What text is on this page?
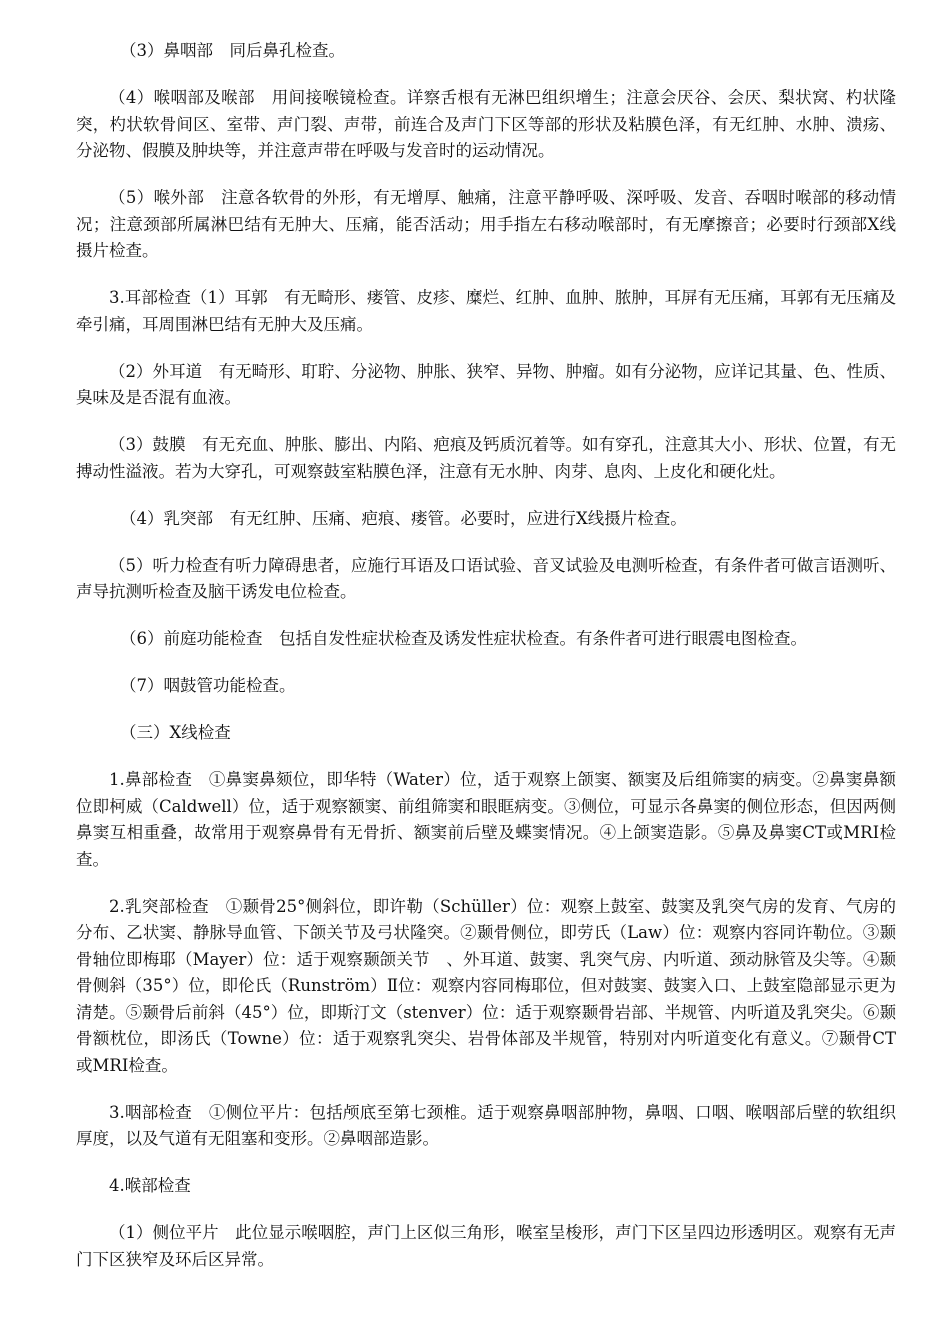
（3）鼻咽部　同后鼻孔检查。

（4）喉咽部及喉部　用间接喉镜检查。详察舌根有无淋巴组织增生；注意会厌谷、会厌、梨状窝、杓状隆突，杓状软骨间区、室带、声门裂、声带，前连合及声门下区等部的形状及粘膜色泽，有无红肿、水肿、溃疡、分泌物、假膜及肿块等，并注意声带在呼吸与发音时的运动情况。

（5）喉外部　注意各软骨的外形，有无增厚、触痛，注意平静呼吸、深呼吸、发音、吞咽时喉部的移动情况；注意颈部所属淋巴结有无肿大、压痛，能否活动；用手指左右移动喉部时，有无摩擦音；必要时行颈部X线摄片检查。

3.耳部检查（1）耳郭　有无畸形、瘘管、皮疹、糜烂、红肿、血肿、脓肿，耳屏有无压痛，耳郭有无压痛及牵引痛，耳周围淋巴结有无肿大及压痛。

（2）外耳道　有无畸形、耵聍、分泌物、肿胀、狭窄、异物、肿瘤。如有分泌物，应详记其量、色、性质、臭味及是否混有血液。

（3）鼓膜　有无充血、肿胀、膨出、内陷、疤痕及钙质沉着等。如有穿孔，注意其大小、形状、位置，有无搏动性溢液。若为大穿孔，可观察鼓室粘膜色泽，注意有无水肿、肉芽、息肉、上皮化和硬化灶。

（4）乳突部　有无红肿、压痛、疤痕、瘘管。必要时，应进行X线摄片检查。

（5）听力检查有听力障碍患者，应施行耳语及口语试验、音叉试验及电测听检查，有条件者可做言语测听、声导抗测听检查及脑干诱发电位检查。

（6）前庭功能检查　包括自发性症状检查及诱发性症状检查。有条件者可进行眼震电图检查。

（7）咽鼓管功能检查。

（三）X线检查

1.鼻部检查　①鼻窦鼻颏位，即华特（Water）位，适于观察上颌窦、额窦及后组筛窦的病变。②鼻窦鼻额位即柯威（Caldwell）位，适于观察额窦、前组筛窦和眼眶病变。③侧位，可显示各鼻窦的侧位形态，但因两侧鼻窦互相重叠，故常用于观察鼻骨有无骨折、额窦前后壁及蝶窦情况。④上颌窦造影。⑤鼻及鼻窦CT或MRI检查。

2.乳突部检查　①颞骨25°侧斜位，即许勒（Schüller）位：观察上鼓室、鼓窦及乳突气房的发育、气房的分布、乙状窦、静脉导血管、下颌关节及弓状隆突。②颞骨侧位，即劳氏（Law）位：观察内容同许勒位。③颞骨轴位即梅耶（Mayer）位：适于观察颞颌关节　、外耳道、鼓窦、乳突气房、内听道、颈动脉管及尖等。④颞骨侧斜（35°）位，即伦氏（Runström）Ⅱ位：观察内容同梅耶位，但对鼓窦、鼓窦入口、上鼓室隐部显示更为清楚。⑤颞骨后前斜（45°）位，即斯汀文（stenver）位：适于观察颞骨岩部、半规管、内听道及乳突尖。⑥颞骨额枕位，即汤氏（Towne）位：适于观察乳突尖、岩骨体部及半规管，特别对内听道变化有意义。⑦颞骨CT或MRI检查。

3.咽部检查　①侧位平片：包括颅底至第七颈椎。适于观察鼻咽部肿物，鼻咽、口咽、喉咽部后壁的软组织厚度，以及气道有无阻塞和变形。②鼻咽部造影。

4.喉部检查

（1）侧位平片　此位显示喉咽腔，声门上区似三角形，喉室呈梭形，声门下区呈四边形透明区。观察有无声门下区狭窄及环后区异常。
